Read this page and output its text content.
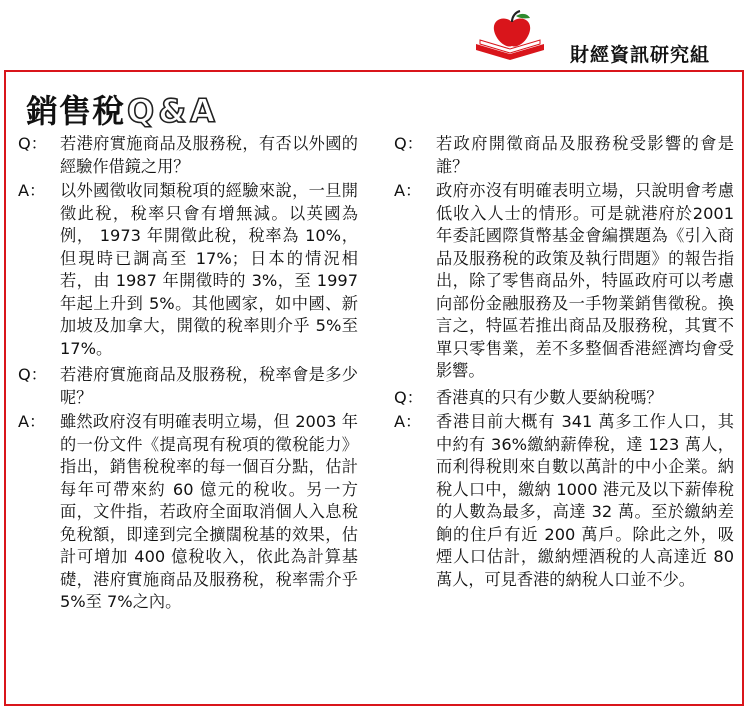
財經資訊研究組
銷售稅Q&A
Q： 若港府實施商品及服務稅，有否以外國的經驗作借鏡之用？
A： 以外國徵收同類稅項的經驗來說，一旦開徵此稅，稅率只會有增無減。以英國為例， 1973 年開徵此稅，稅率為 10%，但現時已調高至 17%；日本的情況相若，由 1987 年開徵時的 3%，至 1997 年起上升到 5%。其他國家，如中國、新加坡及加拿大，開徵的稅率則介乎 5%至 17%。
Q： 若港府實施商品及服務稅，稅率會是多少呢？
A： 雖然政府沒有明確表明立場，但 2003 年的一份文件《提高現有稅項的徵稅能力》指出，銷售稅稅率的每一個百分點，估計每年可帶來約 60 億元的稅收。另一方面，文件指，若政府全面取消個人入息稅免稅額，即達到完全擴闊稅基的效果，估計可增加 400 億稅收入，依此為計算基礎，港府實施商品及服務稅，稅率需介乎 5%至 7%之內。
Q： 若政府開徵商品及服務稅受影響的會是誰？
A： 政府亦沒有明確表明立場，只說明會考慮低收入人士的情形。可是就港府於2001年委託國際貨幣基金會編撰題為《引入商品及服務稅的政策及執行問題》的報告指出，除了零售商品外，特區政府可以考慮向部份金融服務及一手物業銷售徵稅。換言之，特區若推出商品及服務稅，其實不單只零售業，差不多整個香港經濟均會受影響。
Q： 香港真的只有少數人要納稅嗎？
A： 香港目前大概有 341 萬多工作人口，其中約有 36%繳納薪俸稅，達 123 萬人，而利得稅則來自數以萬計的中小企業。納稅人口中，繳納 1000 港元及以下薪俸稅的人數為最多，高達 32 萬。至於繳納差餉的住戶有近 200 萬戶。除此之外，吸煙人口估計，繳納煙酒稅的人高達近 80 萬人，可見香港的納稅人口並不少。
